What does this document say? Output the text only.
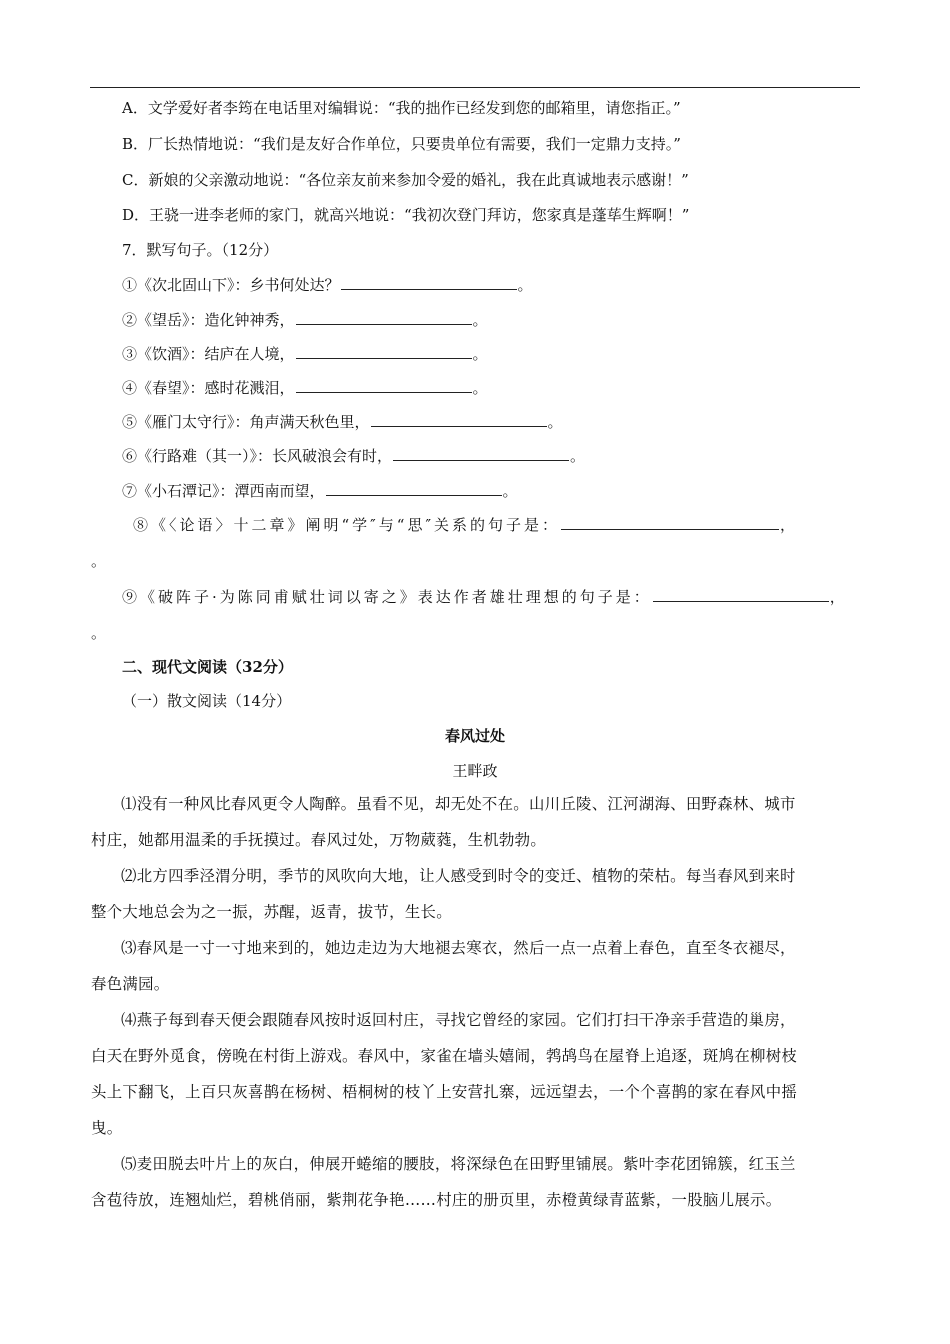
A．文学爱好者李筠在电话里对编辑说：“我的拙作已经发到您的邮箱里，请您指正。”
B．厂长热情地说：“我们是友好合作单位，只要贵单位有需要，我们一定鼎力支持。”
C．新娘的父亲激动地说：“各位亲友前来参加令爱的婚礼，我在此真诚地表示感谢！”
D．王骁一进李老师的家门，就高兴地说：“我初次登门拜访，您家真是蓬荜生辉啊！”
7．默写句子。（12分）
①《次北固山下》：乡书何处达？	。
②《望岳》：造化钟神秀，	。
③《饮酒》：结庐在人境，	。
④《春望》：感时花溅泪，	。
⑤《雁门太守行》：角声满天秋色里，	。
⑥《行路难（其一）》：长风破浪会有时，	。
⑦《小石潭记》：潭西南而望，	。
⑧《〈论语〉十二章》阐明“学″与“思″关系的句子是：	，
。
⑨《破阵子·为陈同甫赋壮词以寄之》表达作者雄壮理想的句子是：	，
。
二、现代文阅读（32分）
（一）散文阅读（14分）
春风过处
王畔政
⑴没有一种风比春风更令人陶醉。虽看不见，却无处不在。山川丘陵、江河湖海、田野森林、城市
村庄，她都用温柔的手抚摸过。春风过处，万物葳蕤，生机勃勃。
⑵北方四季泾渭分明，季节的风吹向大地，让人感受到时令的变迁、植物的荣枯。每当春风到来时
整个大地总会为之一振，苏醒，返青，拔节，生长。
⑶春风是一寸一寸地来到的，她边走边为大地褪去寒衣，然后一点一点着上春色，直至冬衣褪尽，
春色满园。
⑷燕子每到春天便会跟随春风按时返回村庄，寻找它曾经的家园。它们打扫干净亲手营造的巢房，
白天在野外觅食，傍晚在村街上游戏。春风中，家雀在墙头嬉闹，鹁鸪鸟在屋脊上追逐，斑鸠在柳树枝
头上下翻飞，上百只灰喜鹊在杨树、梧桐树的枝丫上安营扎寨，远远望去，一个个喜鹊的家在春风中摇
曳。
⑸麦田脱去叶片上的灰白，伸展开蜷缩的腰肢，将深绿色在田野里铺展。紫叶李花团锦簇，红玉兰
含苞待放，连翘灿烂，碧桃俏丽，紫荆花争艳……村庄的册页里，赤橙黄绿青蓝紫，一股脑儿展示。
